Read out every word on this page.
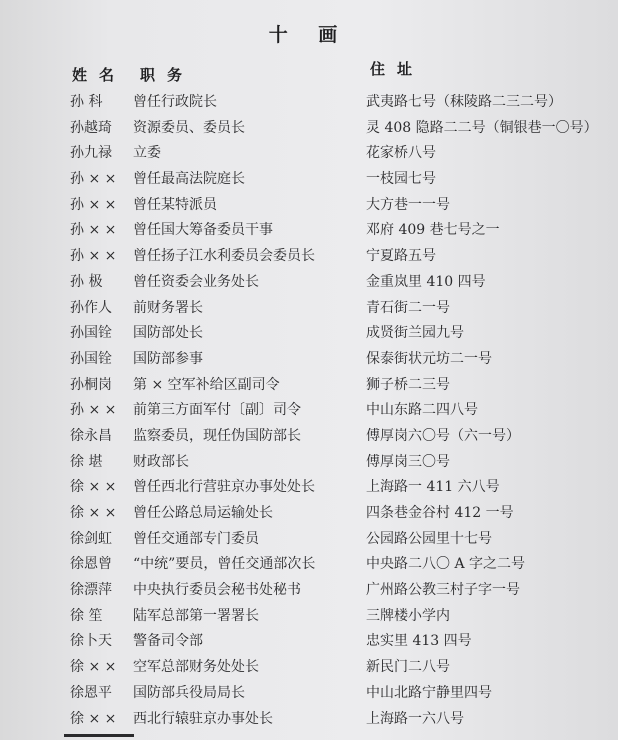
十 画
姓名 职务	住址
孙 科	曾任行政院长	武夷路七号（秣陵路二三二号）
孙越琦	资源委员、委员长	灵 408 隐路二二号（铜银巷一〇号）
孙九禄	立委	花家桥八号
孙 × ×	曾任最高法院庭长	一枝园七号
孙 × ×	曾任某特派员	大方巷一一号
孙 × ×	曾任国大筹备委员干事	邓府 409 巷七号之一
孙 × ×	曾任扬子江水利委员会委员长	宁夏路五号
孙 极	曾任资委会业务处长	金重岚里 410 四号
孙作人	前财务署长	青石街二一号
孙国铨	国防部处长	成贤街兰园九号
孙国铨	国防部参事	保泰街状元坊二一号
孙桐岗	第 × 空军补给区副司令	狮子桥二三号
孙 × ×	前第三方面军付〔副〕司令	中山东路二四八号
徐永昌	监察委员，现任伪国防部长	傅厚岗六〇号（六一号）
徐 堪	财政部长	傅厚岗三〇号
徐 × ×	曾任西北行营驻京办事处处长	上海路一 411 六八号
徐 × ×	曾任公路总局运输处长	四条巷金谷村 412 一号
徐剑虹	曾任交通部专门委员	公园路公园里十七号
徐恩曾	“中统”要员，曾任交通部次长	中央路二八〇 A 字之二号
徐漂萍	中央执行委员会秘书处秘书	广州路公教三村子字一号
徐 笙	陆军总部第一署署长	三牌楼小学内
徐卜天	警备司令部	忠实里 413 四号
徐 × ×	空军总部财务处处长	新民门二八号
徐恩平	国防部兵役局局长	中山北路宁静里四号
徐 × ×	西北行辕驻京办事处长	上海路一六八号
